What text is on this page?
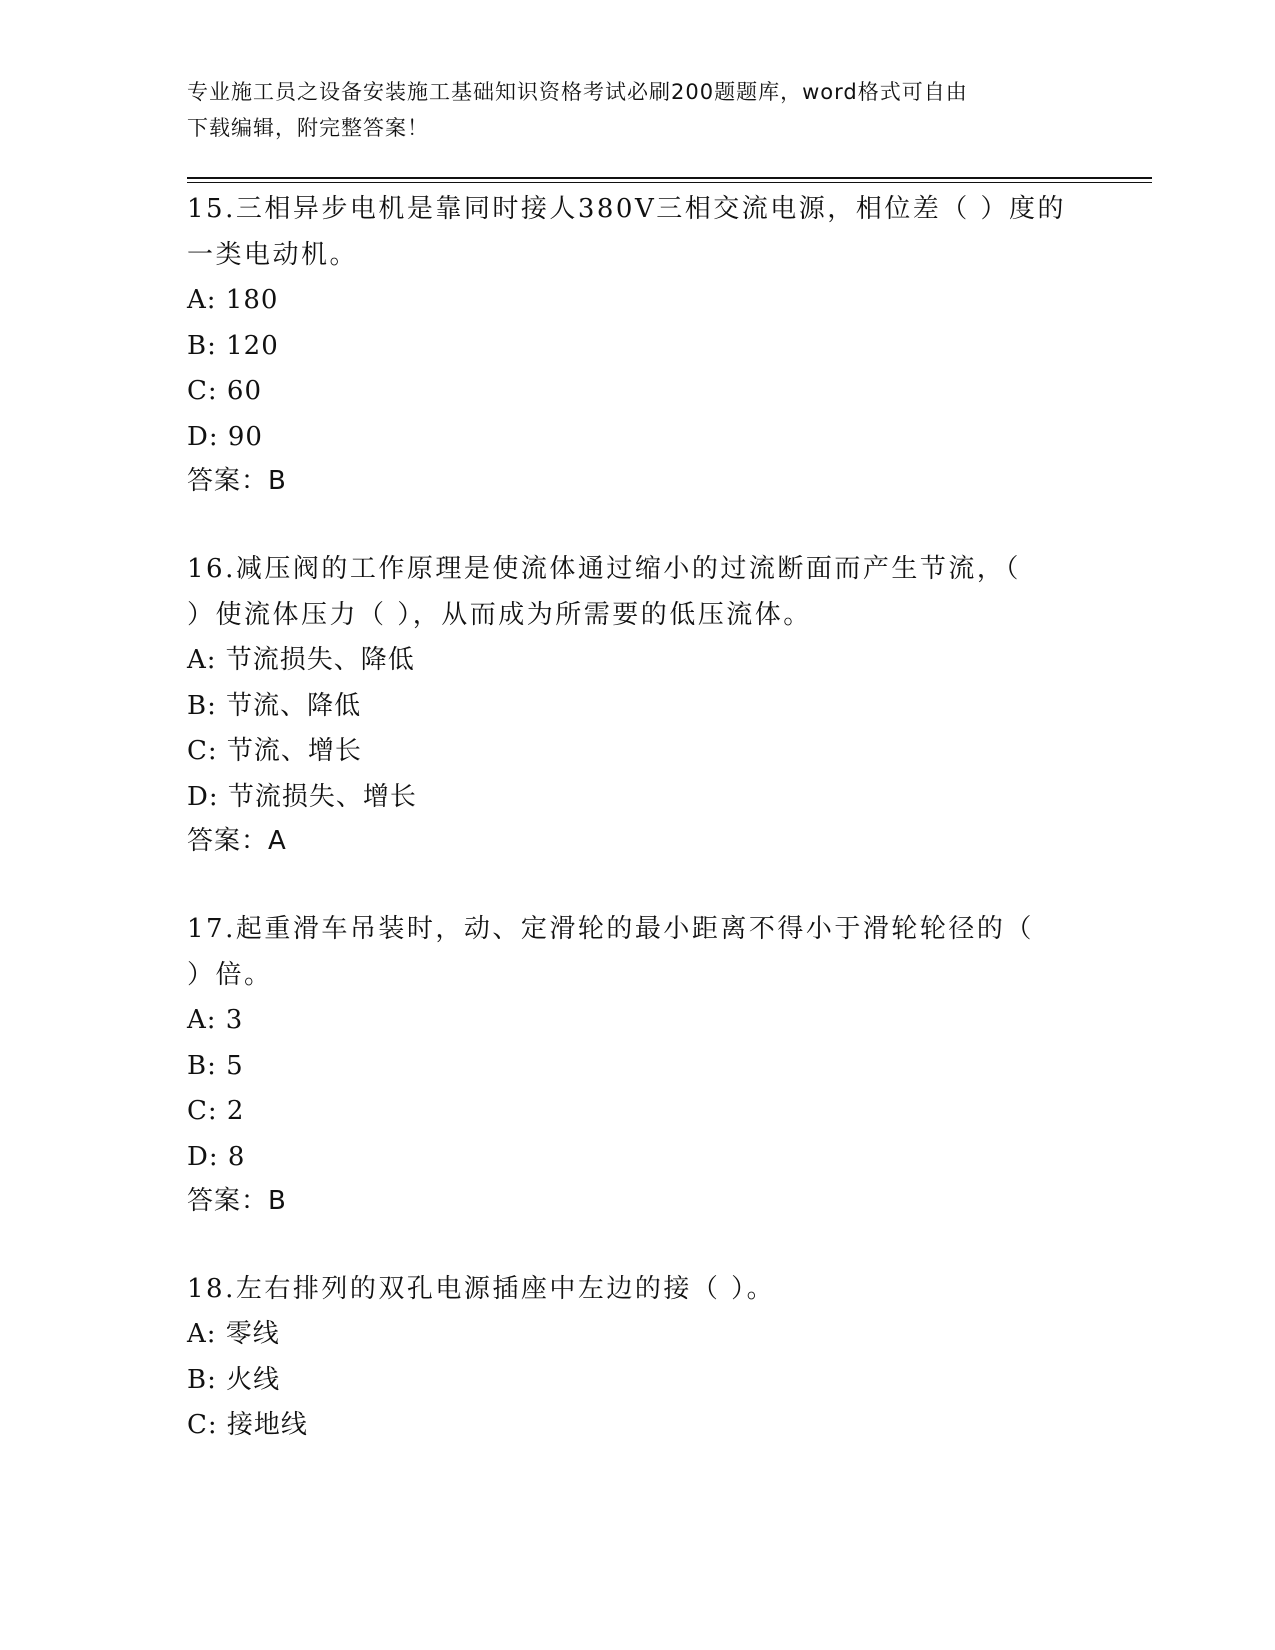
专业施工员之设备安装施工基础知识资格考试必刷200题题库，word格式可自由
下载编辑，附完整答案！
15.三相异步电机是靠同时接人380V三相交流电源，相位差（ ）度的
一类电动机。
A: 180
B: 120
C: 60
D: 90
答案：B
16.减压阀的工作原理是使流体通过缩小的过流断面而产生节流，（
）使流体压力（ ），从而成为所需要的低压流体。
A: 节流损失、降低
B: 节流、降低
C: 节流、增长
D: 节流损失、增长
答案：A
17.起重滑车吊装时，动、定滑轮的最小距离不得小于滑轮轮径的（
）倍。
A: 3
B: 5
C: 2
D: 8
答案：B
18.左右排列的双孔电源插座中左边的接（ ）。
A: 零线
B: 火线
C: 接地线
